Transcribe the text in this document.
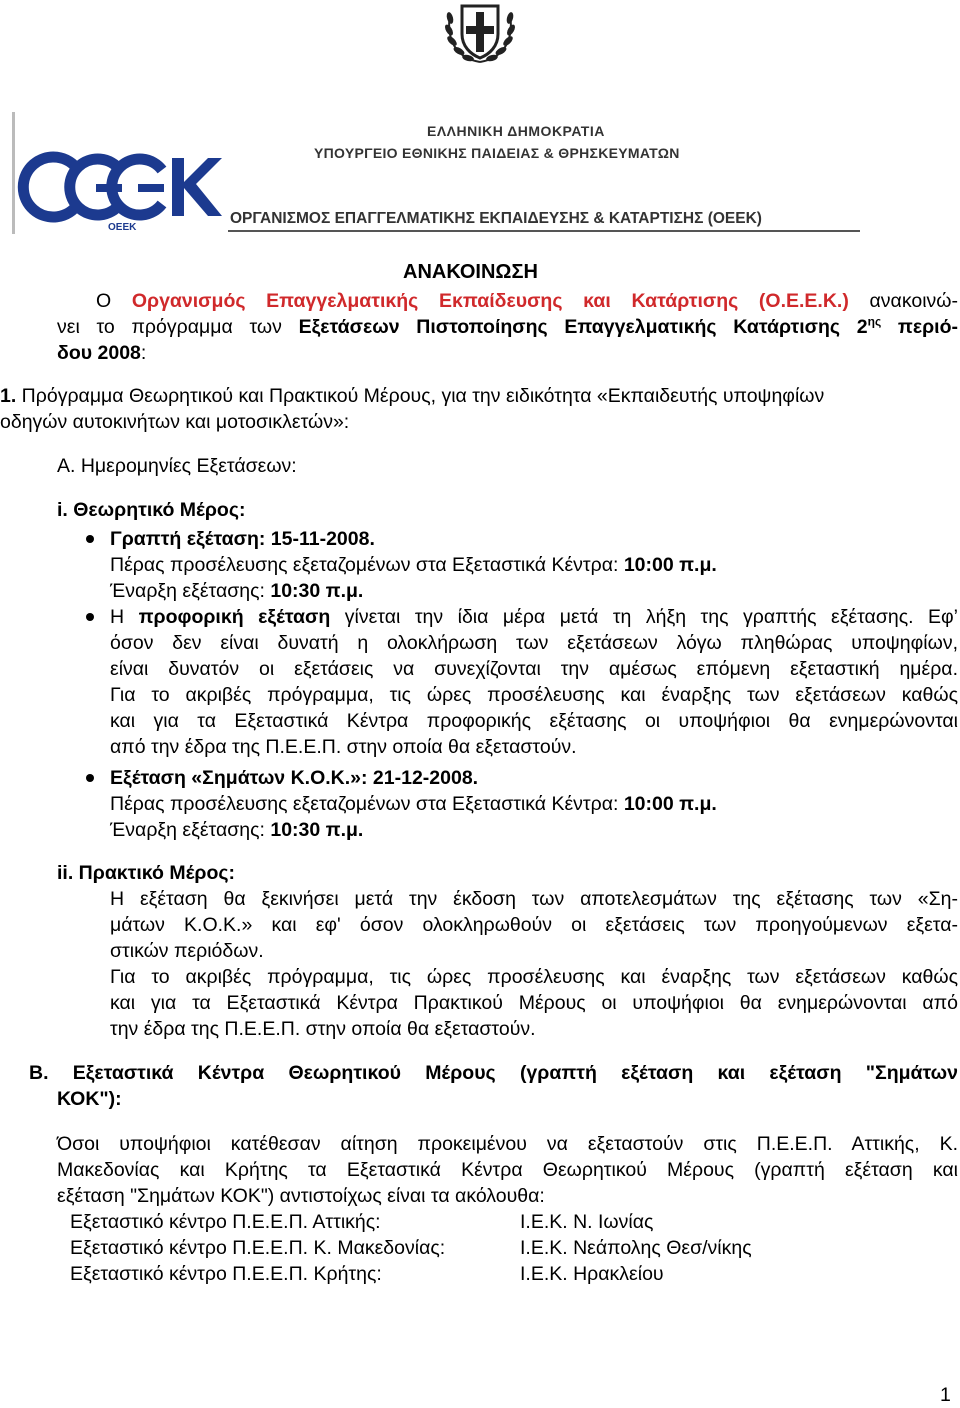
ΟΕΕΚ
ΕΛΛΗΝΙΚΗ ΔΗΜΟΚΡΑΤΙΑ
ΥΠΟΥΡΓΕΙΟ ΕΘΝΙΚΗΣ ΠΑΙΔΕΙΑΣ & ΘΡΗΣΚΕΥΜΑΤΩΝ
ΟΡΓΑΝΙΣΜΟΣ ΕΠΑΓΓΕΛΜΑΤΙΚΗΣ ΕΚΠΑΙΔΕΥΣΗΣ & ΚΑΤΑΡΤΙΣΗΣ (ΟΕΕΚ)
ΑΝΑΚΟΙΝΩΣΗ
Ο Οργανισμός Επαγγελματικής Εκπαίδευσης και Κατάρτισης (Ο.Ε.Ε.Κ.) ανακοινώ-
νει το πρόγραμμα των Εξετάσεων Πιστοποίησης Επαγγελματικής Κατάρτισης $2^{\eta\varsigma}$ περιό-
δου 2008:
1. Πρόγραμμα Θεωρητικού και Πρακτικού Μέρους, για την ειδικότητα «Εκπαιδευτής υποψηφίων
οδηγών αυτοκινήτων και μοτοσικλετών»:
Α. Ημερομηνίες Εξετάσεων:
i. Θεωρητικό Μέρος:
Γραπτή εξέταση: 15-11-2008.
Πέρας προσέλευσης εξεταζομένων στα Εξεταστικά Κέντρα: 10:00 π.μ.
Έναρξη εξέτασης: 10:30 π.μ.
Η προφορική εξέταση γίνεται την ίδια μέρα μετά τη λήξη της γραπτής εξέτασης. Εφ’
όσον δεν είναι δυνατή η ολοκλήρωση των εξετάσεων λόγω πληθώρας υποψηφίων,
είναι δυνατόν οι εξετάσεις να συνεχίζονται την αμέσως επόμενη εξεταστική ημέρα.
Για το ακριβές πρόγραμμα, τις ώρες προσέλευσης και έναρξης των εξετάσεων καθώς
και για τα Εξεταστικά Κέντρα προφορικής εξέτασης οι υποψήφιοι θα ενημερώνονται
από την έδρα της Π.Ε.Ε.Π. στην οποία θα εξεταστούν.
Εξέταση «Σημάτων Κ.Ο.Κ.»: 21-12-2008.
Πέρας προσέλευσης εξεταζομένων στα Εξεταστικά Κέντρα: 10:00 π.μ.
Έναρξη εξέτασης: 10:30 π.μ.
ii. Πρακτικό Μέρος:
Η εξέταση θα ξεκινήσει μετά την έκδοση των αποτελεσμάτων της εξέτασης των «Ση-
μάτων Κ.Ο.Κ.» και εφ' όσον ολοκληρωθούν οι εξετάσεις των προηγούμενων εξετα-
στικών περιόδων.
Για το ακριβές πρόγραμμα, τις ώρες προσέλευσης και έναρξης των εξετάσεων καθώς
και για τα Εξεταστικά Κέντρα Πρακτικού Μέρους οι υποψήφιοι θα ενημερώνονται από
την έδρα της Π.Ε.Ε.Π. στην οποία θα εξεταστούν.
Β. Εξεταστικά Κέντρα Θεωρητικού Μέρους (γραπτή εξέταση και εξέταση "Σημάτων
ΚΟΚ"):
Όσοι υποψήφιοι κατέθεσαν αίτηση προκειμένου να εξεταστούν στις Π.Ε.Ε.Π. Αττικής, Κ.
Μακεδονίας και Κρήτης τα Εξεταστικά Κέντρα Θεωρητικού Μέρους (γραπτή εξέταση και
εξέταση "Σημάτων ΚΟΚ") αντιστοίχως είναι τα ακόλουθα:
Εξεταστικό κέντρο Π.Ε.Ε.Π. Αττικής:	Ι.Ε.Κ. Ν. Ιωνίας
Εξεταστικό κέντρο Π.Ε.Ε.Π. Κ. Μακεδονίας:	Ι.Ε.Κ. Νεάπολης Θεσ/νίκης
Εξεταστικό κέντρο Π.Ε.Ε.Π. Κρήτης:	Ι.Ε.Κ. Ηρακλείου
1
